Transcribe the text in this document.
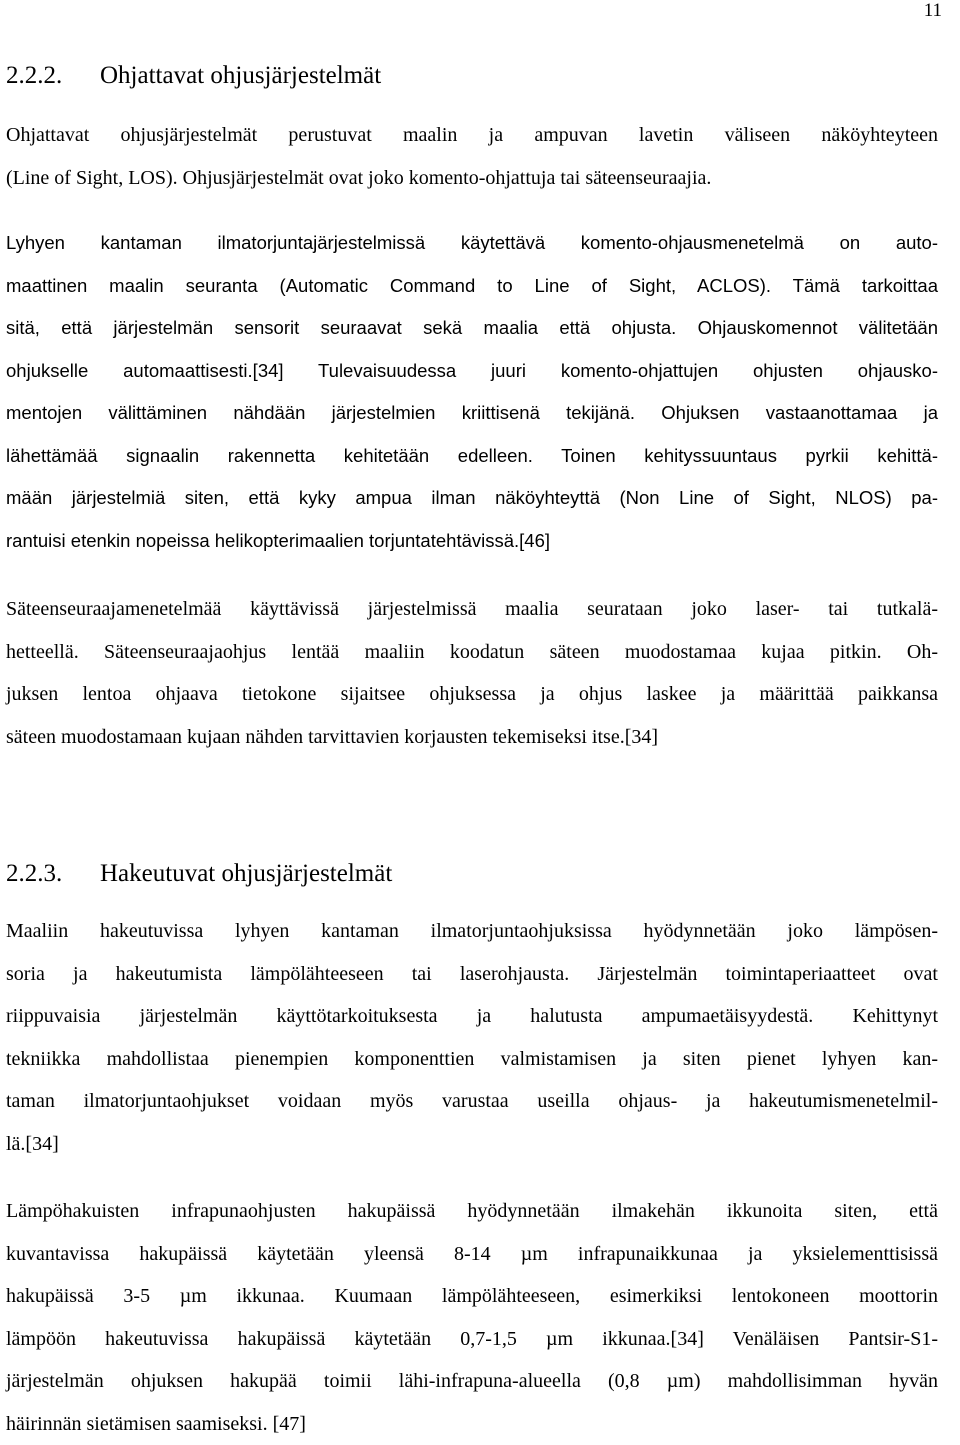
11
2.2.2. Ohjattavat ohjusjärjestelmät
Ohjattavat ohjusjärjestelmät perustuvat maalin ja ampuvan lavetin väliseen näköyhteyteen
(Line of Sight, LOS). Ohjusjärjestelmät ovat joko komento-ohjattuja tai säteenseuraajia.
Lyhyen kantaman ilmatorjuntajärjestelmissä käytettävä komento-ohjausmenetelmä on auto-
maattinen maalin seuranta (Automatic Command to Line of Sight, ACLOS). Tämä tarkoittaa
sitä, että järjestelmän sensorit seuraavat sekä maalia että ohjusta. Ohjauskomennot välitetään
ohjukselle automaattisesti.[34] Tulevaisuudessa juuri komento-ohjattujen ohjusten ohjausko-
mentojen välittäminen nähdään järjestelmien kriittisenä tekijänä. Ohjuksen vastaanottamaa ja
lähettämää signaalin rakennetta kehitetään edelleen. Toinen kehityssuuntaus pyrkii kehittä-
mään järjestelmiä siten, että kyky ampua ilman näköyhteyttä (Non Line of Sight, NLOS) pa-
rantuisi etenkin nopeissa helikopterimaalien torjuntatehtävissä.[46]
Säteenseuraajamenetelmää käyttävissä järjestelmissä maalia seurataan joko laser- tai tutkalä-
hetteellä. Säteenseuraajaohjus lentää maaliin koodatun säteen muodostamaa kujaa pitkin. Oh-
juksen lentoa ohjaava tietokone sijaitsee ohjuksessa ja ohjus laskee ja määrittää paikkansa
säteen muodostamaan kujaan nähden tarvittavien korjausten tekemiseksi itse.[34]
2.2.3. Hakeutuvat ohjusjärjestelmät
Maaliin hakeutuvissa lyhyen kantaman ilmatorjuntaohjuksissa hyödynnetään joko lämpösen-
soria ja hakeutumista lämpölähteeseen tai laserohjausta. Järjestelmän toimintaperiaatteet ovat
riippuvaisia järjestelmän käyttötarkoituksesta ja halutusta ampumaetäisyydestä. Kehittynyt
tekniikka mahdollistaa pienempien komponenttien valmistamisen ja siten pienet lyhyen kan-
taman ilmatorjuntaohjukset voidaan myös varustaa useilla ohjaus- ja hakeutumismenetelmil-
lä.[34]
Lämpöhakuisten infrapunaohjusten hakupäissä hyödynnetään ilmakehän ikkunoita siten, että
kuvantavissa hakupäissä käytetään yleensä 8-14 µm infrapunaikkunaa ja yksielementtisissä
hakupäissä 3-5 µm ikkunaa. Kuumaan lämpölähteeseen, esimerkiksi lentokoneen moottorin
lämpöön hakeutuvissa hakupäissä käytetään 0,7-1,5 µm ikkunaa.[34] Venäläisen Pantsir-S1-
järjestelmän ohjuksen hakupää toimii lähi-infrapuna-alueella (0,8 µm) mahdollisimman hyvän
häirinnän sietämisen saamiseksi. [47]
